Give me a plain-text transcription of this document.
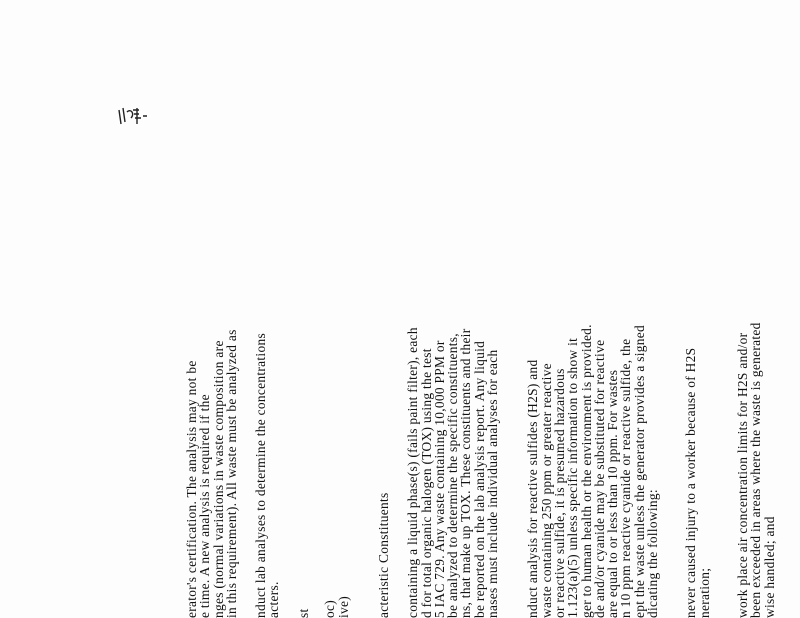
erator's certification. The analysis may not be
e time. A new analysis is required if the
nges (normal variations in waste composition are
in this requirement). All waste must be analyzed as nduct lab analyses to determine the concentrations
acters. st oc)
ive) acteristic Constituents containing a liquid phase(s) (fails paint filter), each
d for total organic halogen (TOX) using the test
5 IAC 729. Any waste containing 10,000 PPM or
be analyzed to determine the specific constituents,
ns, that make up TOX. These constituents and their
be reported on the lab analysis report. Any liquid
nases must include individual analyses for each nduct analysis for reactive sulfides (H2S) and
waste containing 250 ppm or greater reactive
or reactive sulfide, it is presumed hazardous
1.123(a)(5) unless specific information to show it
ger to human health or the environment is provided.
de and/or cyanide may be substituted for reactive
are equal to or less than 10 ppm. For wastes
n 10 ppm reactive cyanide or reactive sulfide, the
ept the waste unless the generator provides a signed
dicating the following: never caused injury to a worker because of H2S
neration; work place air concentration limits for H2S and/or
been exceeded in areas where the waste is generated
wise handled; and
